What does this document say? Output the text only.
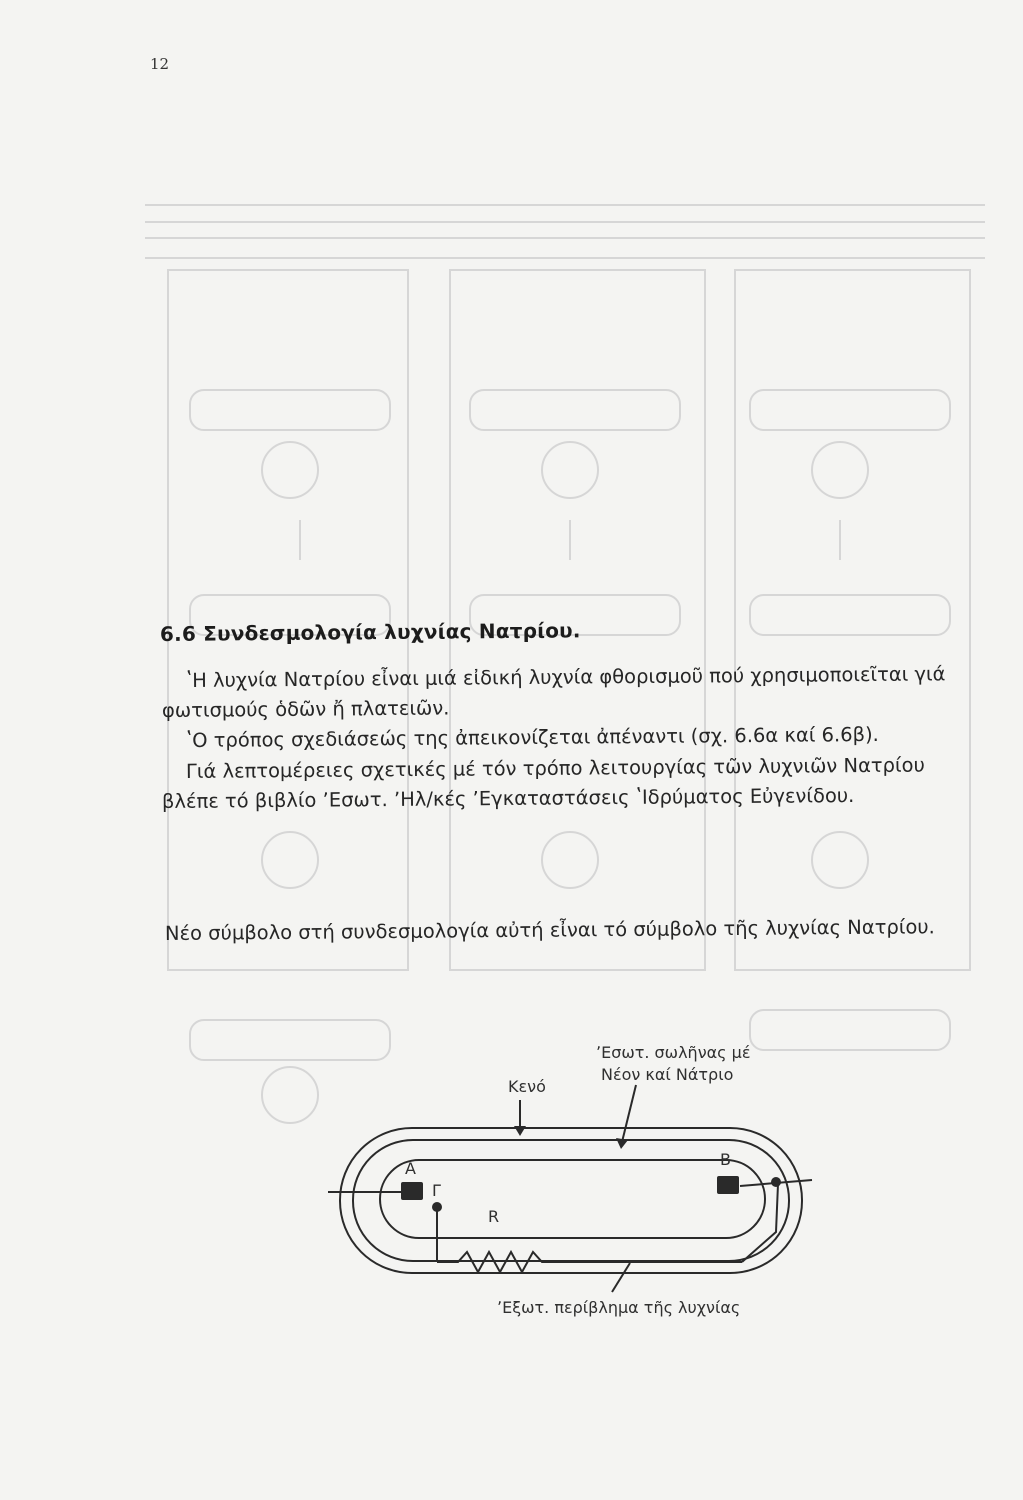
12
6.6 Συνδεσμολογία λυχνίας Νατρίου.
ʽΗ λυχνία Νατρίου εἶναι μιά εἰδική λυχνία φθορισμοῦ πού χρησιμοποιεῖται γιά
φωτισμούς ὁδῶν ἤ πλατειῶν.
ʽΟ τρόπος σχεδιάσεώς της ἀπεικονίζεται ἀπέναντι (σχ. 6.6α καί 6.6β).
Γιά λεπτομέρειες σχετικές μέ τόν τρόπο λειτουργίας τῶν λυχνιῶν Νατρίου
βλέπε τό βιβλίο ʼΕσωτ. ʼΗλ/κές ʼΕγκαταστάσεις ʽΙδρύματος Εὐγενίδου.
Νέο σύμβολο στή συνδεσμολογία αὐτή εἶναι τό σύμβολο τῆς λυχνίας Νατρίου.
ʼΕσωτ. σωλῆνας μέ
Νέον καί Νάτριο
Κενό
A	B
Γ
R
ʼΕξωτ. περίβλημα τῆς λυχνίας
